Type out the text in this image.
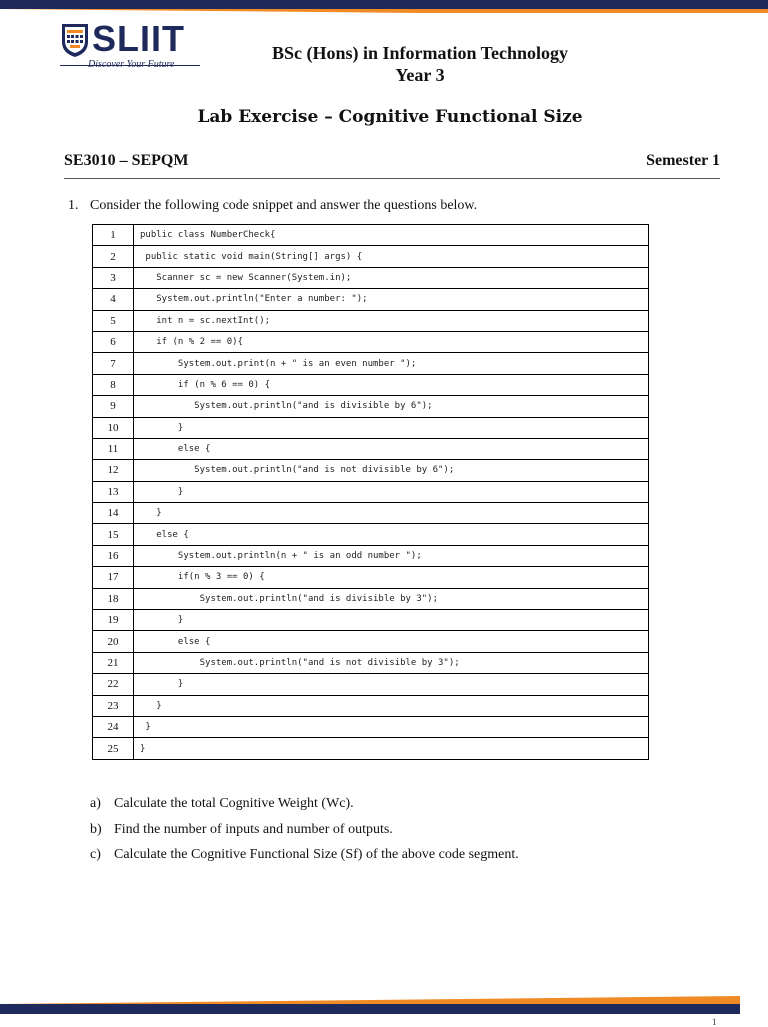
SLIIT
Discover Your Future
BSc (Hons) in Information Technology
Year 3
Lab Exercise – Cognitive Functional Size
SE3010 – SEPQM	Semester 1
1. Consider the following code snippet and answer the questions below.
1	public class NumberCheck{
2	public static void main(String[] args) {
3	Scanner sc = new Scanner(System.in);
4	System.out.println("Enter a number: ");
5	int n = sc.nextInt();
6	if (n % 2 == 0){
7	System.out.print(n + " is an even number ");
8	if (n % 6 == 0) {
9	System.out.println("and is divisible by 6");
10	}
11	else {
12	System.out.println("and is not divisible by 6");
13	}
14	}
15	else {
16	System.out.println(n + " is an odd number ");
17	if(n % 3 == 0) {
18	System.out.println("and is divisible by 3");
19	}
20	else {
21	System.out.println("and is not divisible by 3");
22	}
23	}
24	}
25	}
a) Calculate the total Cognitive Weight (Wc).
b) Find the number of inputs and number of outputs.
c) Calculate the Cognitive Functional Size (Sf) of the above code segment.
1
